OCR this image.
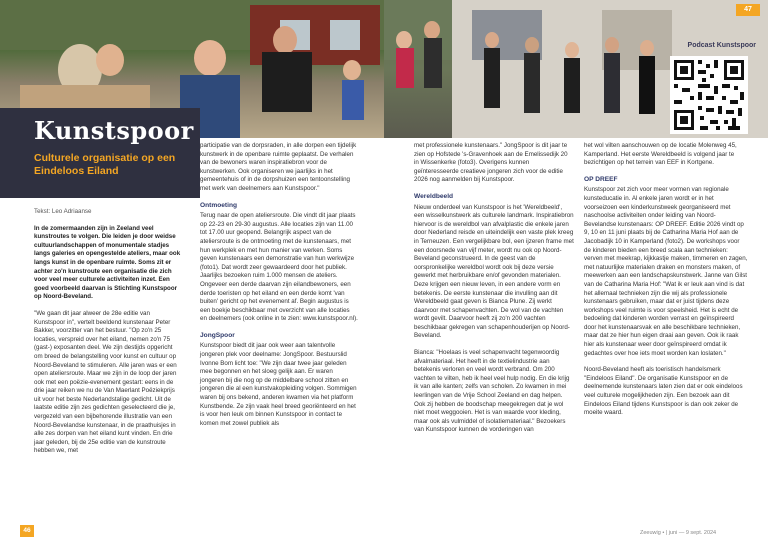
47
Podcast Kunstspoor
Kunstspoor
Culturele organisatie op een Eindeloos Eiland

Tekst: Leo Adriaanse

In de zomermaanden zijn in Zeeland veel kunstroutes te volgen. Die leiden je door weidse cultuurlandschappen of monumentale stadjes langs galeries en opengestelde ateliers, maar ook langs kunst in de openbare ruimte. Soms zit er achter zo'n kunstroute een organisatie die zich voor veel meer culturele activiteiten inzet. Een goed voorbeeld daarvan is Stichting Kunstspoor op Noord-Beveland.

"We gaan dit jaar alweer de 28e editie van Kunstspoor in", vertelt beeldend kunstenaar Peter Bakker, voorzitter van het bestuur. "Op zo'n 25 locaties, verspreid over het eiland, nemen zo'n 75 (gast-) exposanten deel. We zijn destijds opgericht om breed de belangstelling voor kunst en cultuur op Noord-Beveland te stimuleren. Alle jaren was er een open ateliersroute. Maar we zijn in de loop der jaren ook met een poëzie-evenement gestart: eens in de drie jaar reiken we nu de Van Maerlant Poëziekprijs uit voor het beste Nederlandstalige gedicht. Uit de laatste editie zijn zes gedichten geselecteerd die je, vergezeld van een bijbehorende illustratie van een Noord-Bevelandse kunstenaar, in de praathuisjes in alle zes dorpen van het eiland kunt vinden. En drie jaar geleden, bij de 25e editie van de kunstroute hebben we, met

participatie van de dorpsraden, in alle dorpen een tijdelijk kunstwerk in de openbare ruimte geplaatst. De verhalen van de bewoners waren inspiratiebron voor de kunstwerken. Ook organiseren we jaarlijks in het gemeentehuis of in de dorpshuizen een tentoonstelling met werk van deelnemers aan Kunstspoor."

Ontmoeting

Terug naar de open ateliersroute. Die vindt dit jaar plaats op 22-23 en 29-30 augustus. Alle locaties zijn van 11.00 tot 17.00 uur geopend. Belangrijk aspect van de ateliersroute is de ontmoeting met de kunstenaars, met hun werkplek en met hun manier van werken. Soms geven kunstenaars een demonstratie van hun werkwijze (foto1). Dat wordt zeer gewaardeerd door het publiek. Jaarlijks bezoeken ruim 1.000 mensen de ateliers. Ongeveer een derde daarvan zijn eilandbewoners, een derde toeristen op het eiland en een derde komt 'van buiten' gericht op het evenement af. Begin augustus is een boekje beschikbaar met overzicht van alle locaties en deelnemers (ook online in te zien: www.kunstspoor.nl).

JongSpoor

Kunstspoor biedt dit jaar ook weer aan talentvolle jongeren plek voor deelname: JongSpoor. Bestuurslid Ivonne Bom licht toe: "We zijn daar twee jaar geleden mee begonnen en het sloeg gelijk aan. Er waren jongeren bij die nog op de middelbare school zitten en jongeren die al een kunstvakopleiding volgen. Sommigen waren bij ons bekend, anderen kwamen via het platform Kunstbende. Ze zijn vaak heel breed georiënteerd en het is voor hen leuk om binnen Kunstspoor in contact te komen met zowel publiek als

met professionele kunstenaars." JongSpoor is dit jaar te zien op Hofstede 's-Gravenhoek aan de Emelissedijk 20 in Wissenkerke (foto3). Overigens kunnen geïnteresseerde creatieve jongeren zich voor de editie 2026 nog aanmelden bij Kunstspoor.

Wereldbeeld

Nieuw onderdeel van Kunstspoor is het 'Wereldbeeld', een wisselkunstwerk als culturele landmark. Inspiratiebron hiervoor is de wereldbol van afvalplastic die enkele jaren door Nederland reisde en uiteindelijk een vaste plek kreeg in Terneuzen. Een vergelijkbare bol, een ijzeren frame met een doorsnede van vijf meter, wordt nu ook op Noord-Beveland geconstrueerd. In de geest van de oorspronkelijke wereldbol wordt ook bij deze versie gewerkt met herbruikbare en/of gevonden materialen. Deze krijgen een nieuw leven, in een andere vorm en betekenis. De eerste kunstenaar die invulling aan dit Wereldbeeld gaat geven is Bianca Plune. Zij werkt daarvoor met schapenvachten. De wol van de vachten wordt gevilt. Daarvoor heeft zij zo'n 200 vachten beschikbaar gekregen van schapenhouderijen op Noord-Beveland.

Bianca: "Hoelaas is veel schapenvacht tegenwoordig afvalmateriaal. Het heeft in de textielindustrie aan betekenis verloren en veel wordt verbrand. Om 200 vachten te vilten, heb ik heel veel hulp nodig. En die krijg ik van alle kanten; zelfs van scholen. Zo kwamen in mei leerlingen van de Vrije School Zeeland en dag helpen. Ook zij hebben de boodschap meegekregen dat je wol niet moet weggooien. Het is van waarde voor kleding, maar ook als vulmiddel of isolatiemateriaal." Bezoekers van Kunstspoor kunnen de vorderingen van

het wol vilten aanschouwen op de locatie Molenweg 45, Kamperland. Het eerste Wereldbeeld is volgend jaar te bezichtigen op het terrein van EEF in Kortgene.

OP DREEF

Kunstspoor zet zich voor meer vormen van regionale kunsteducatie in. Al enkele jaren wordt er in het voorseizoen een kinderkunstweek georganiseerd met naschoolse activiteiten onder leiding van Noord-Bevelandse kunstenaars: OP DREEF. Editie 2026 vindt op 9, 10 en 11 juni plaats bij de Catharina Maria Hof aan de Jacobadijk 10 in Kamperland (foto2). De workshops voor de kinderen bieden een breed scala aan technieken: verven met meekrap, kijkkastje maken, timmeren en zagen, met natuurlijke materialen draken en monsters maken, of meewerken aan een landschapskunstwerk. Janne van Gilst van de Catharina Maria Hof: "Wat ik er leuk aan vind is dat het allemaal technieken zijn die wij als professionele kunstenaars gebruiken, maar dat er juist tijdens deze workshops veel ruimte is voor speelsheid. Het is echt de bedoeling dat kinderen worden verrast en geïnspireerd door het kunstenaarsvak en alle beschikbare technieken, maar dat ze hier hun eigen draai aan geven. Ook ik raak hier als kunstenaar weer door geïnspireerd omdat ik gedachtes over hoe iets moet worden kan loslaten."

Noord-Beveland heeft als toeristisch handelsmerk "Eindeloos Eiland". De organisatie Kunstspoor en de deelnemende kunstenaars laten zien dat er ook eindeloos veel culturele mogelijkheden zijn. Een bezoek aan dit Eindeloos Eiland tijdens Kunstspoor is dan ook zeker de moeite waard.

46	Zeeuwig • | juni — 9 sept. 2024
